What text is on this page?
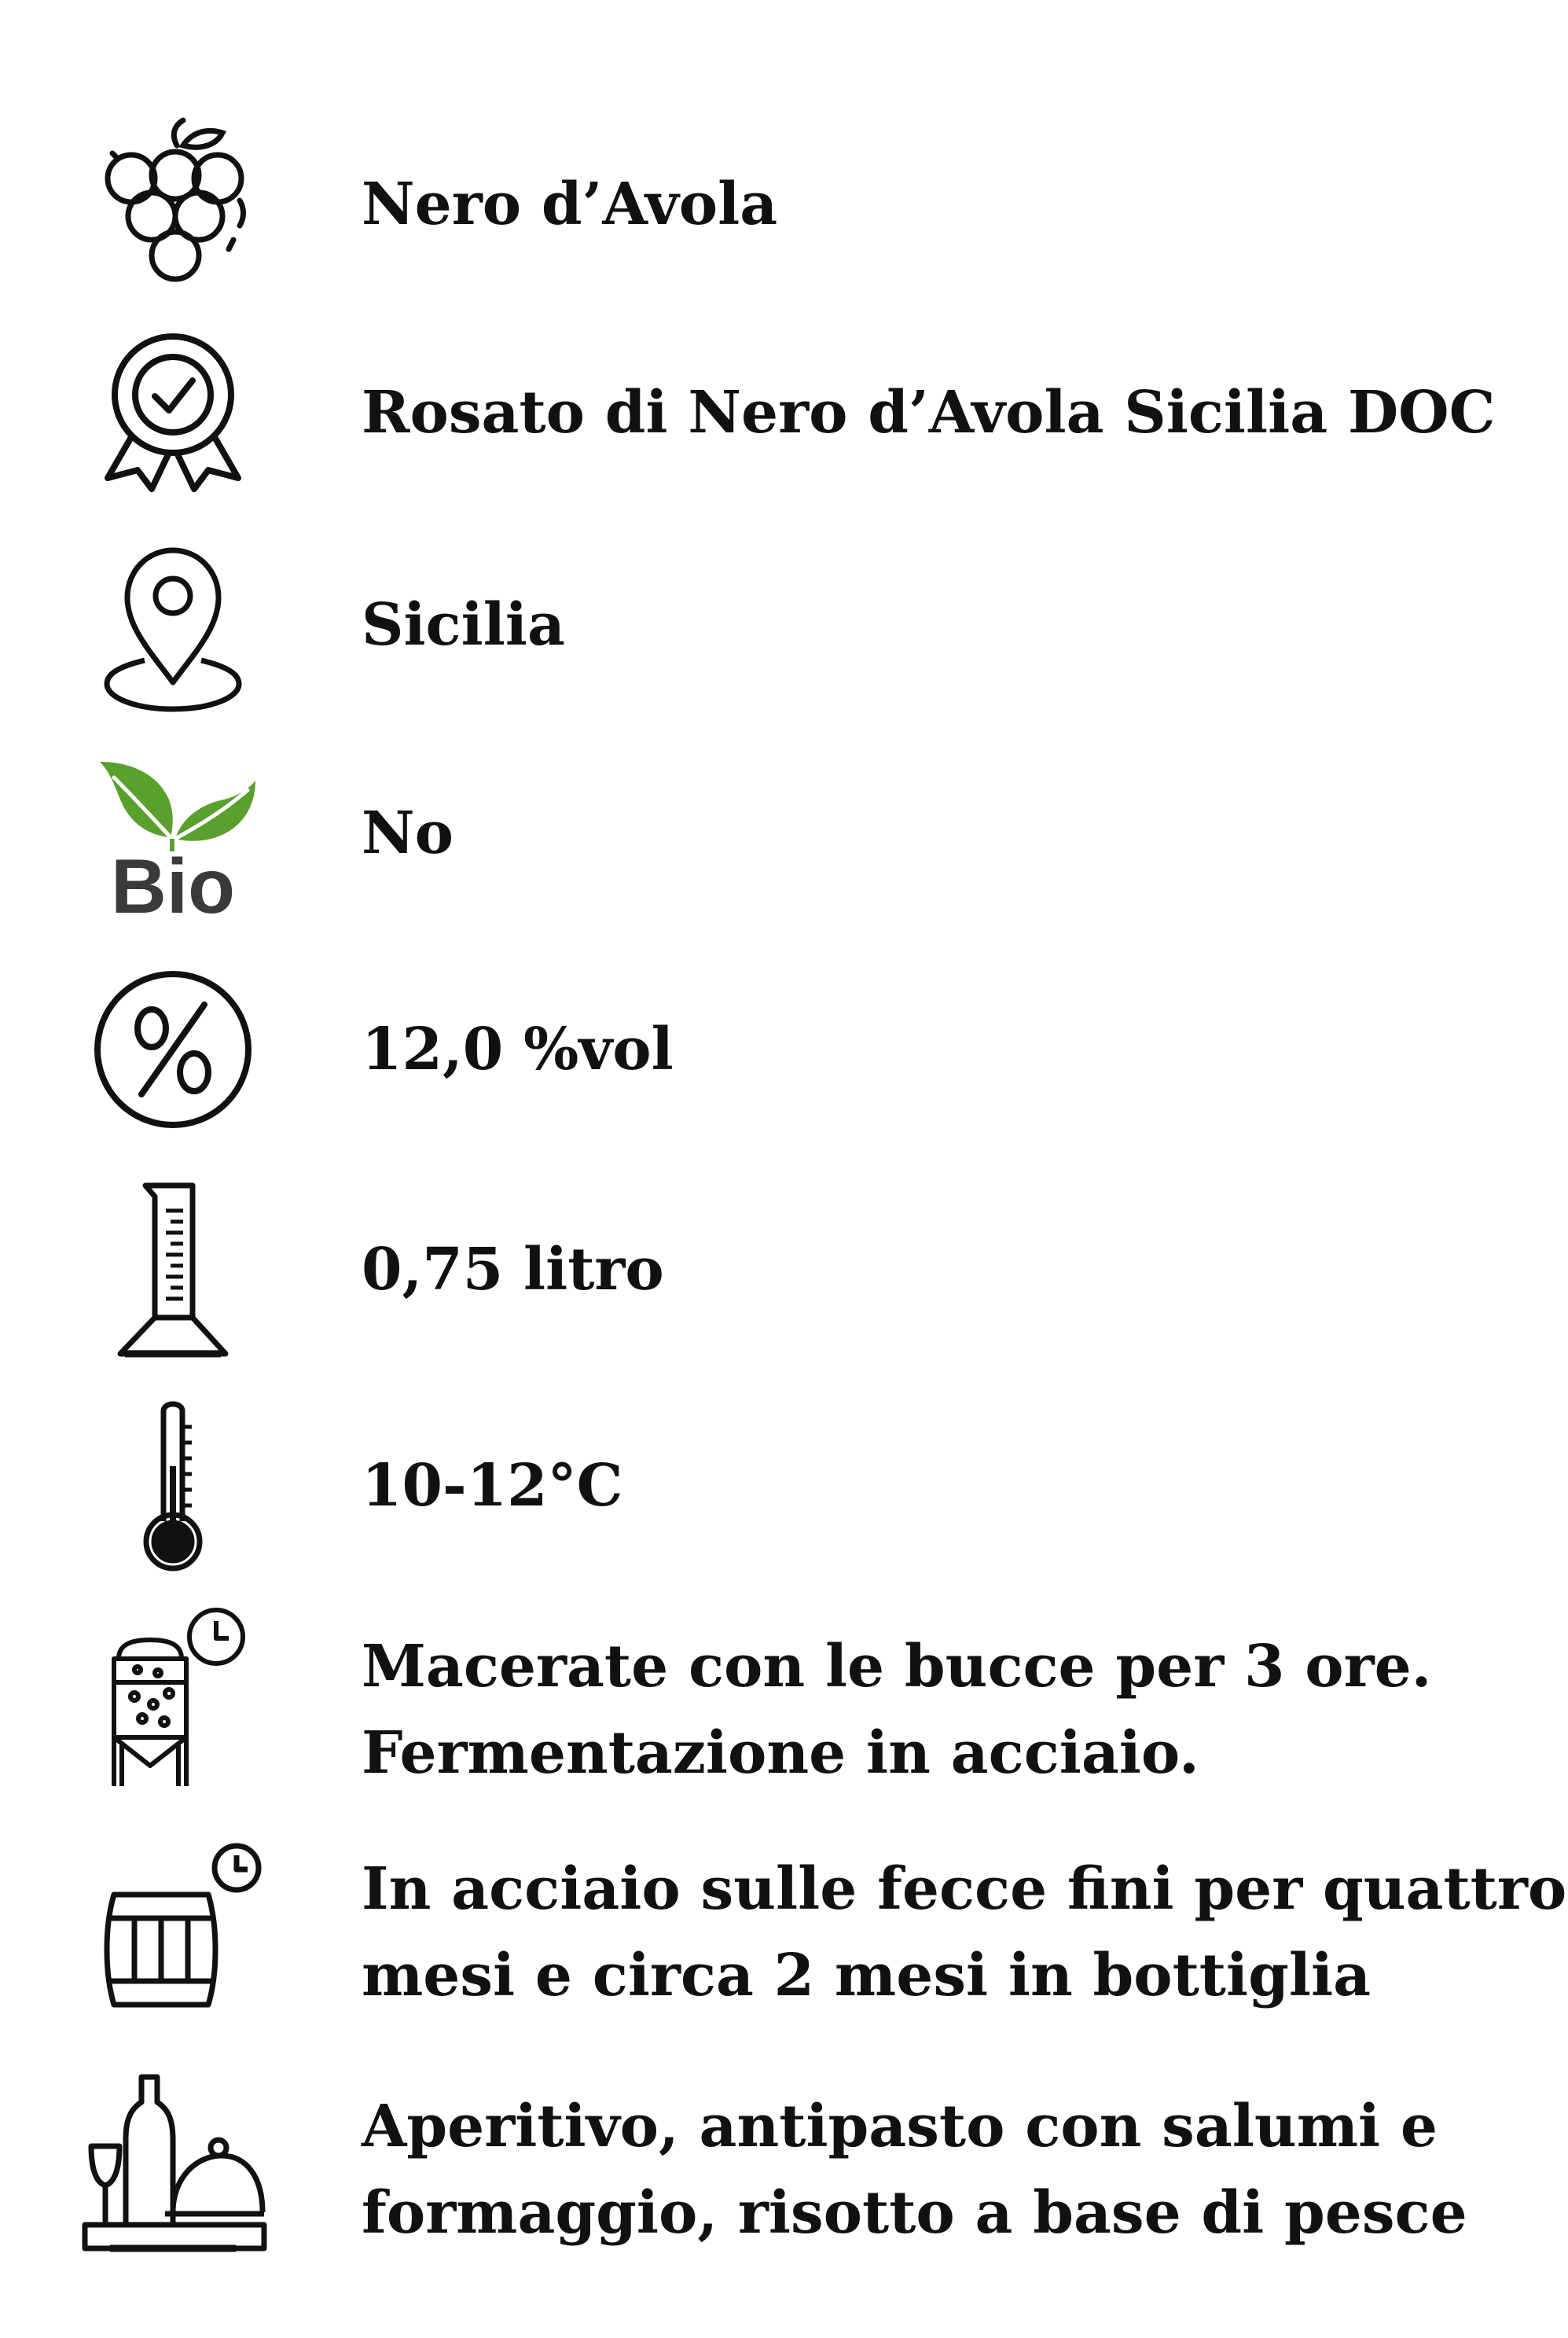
Nero d’Avola
Rosato di Nero d’Avola Sicilia DOC
Sicilia
Bio
No
12,0 %vol
0,75 litro
10-12°C
Macerate con le bucce per 3 ore.
Fermentazione in acciaio.
In acciaio sulle fecce fini per quattro
mesi e circa 2 mesi in bottiglia
Aperitivo, antipasto con salumi e
formaggio, risotto a base di pesce
